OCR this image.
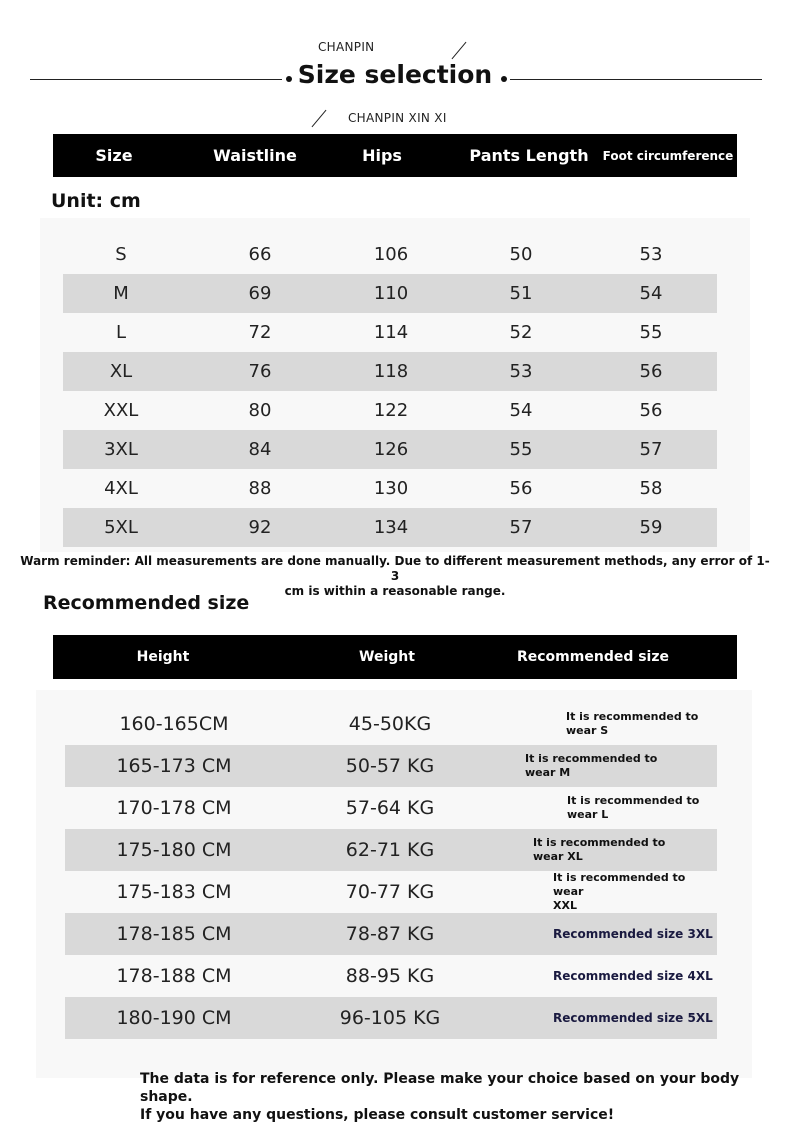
CHANPIN
Size selection
CHANPIN XIN XI
Size	Waistline	Hips	Pants Length	Foot circumference
Unit: cm
S	66	106	50	53
M	69	110	51	54
L	72	114	52	55
XL	76	118	53	56
XXL	80	122	54	56
3XL	84	126	55	57
4XL	88	130	56	58
5XL	92	134	57	59
Warm reminder: All measurements are done manually. Due to different measurement methods, any error of 1-3
cm is within a reasonable range.
Recommended size
Height	Weight	Recommended size
160-165CM	45-50KG	It is recommended to
wear S
165-173 CM	50-57 KG	It is recommended to
wear M
170-178 CM	57-64 KG	It is recommended to
wear L
175-180 CM	62-71 KG	It is recommended to
wear XL
175-183 CM	70-77 KG
It is recommended to wear
XXL
178-185 CM	78-87 KG	Recommended size 3XL
178-188 CM	88-95 KG	Recommended size 4XL
180-190 CM	96-105 KG	Recommended size 5XL
The data is for reference only. Please make your choice based on your body shape.
If you have any questions, please consult customer service!
